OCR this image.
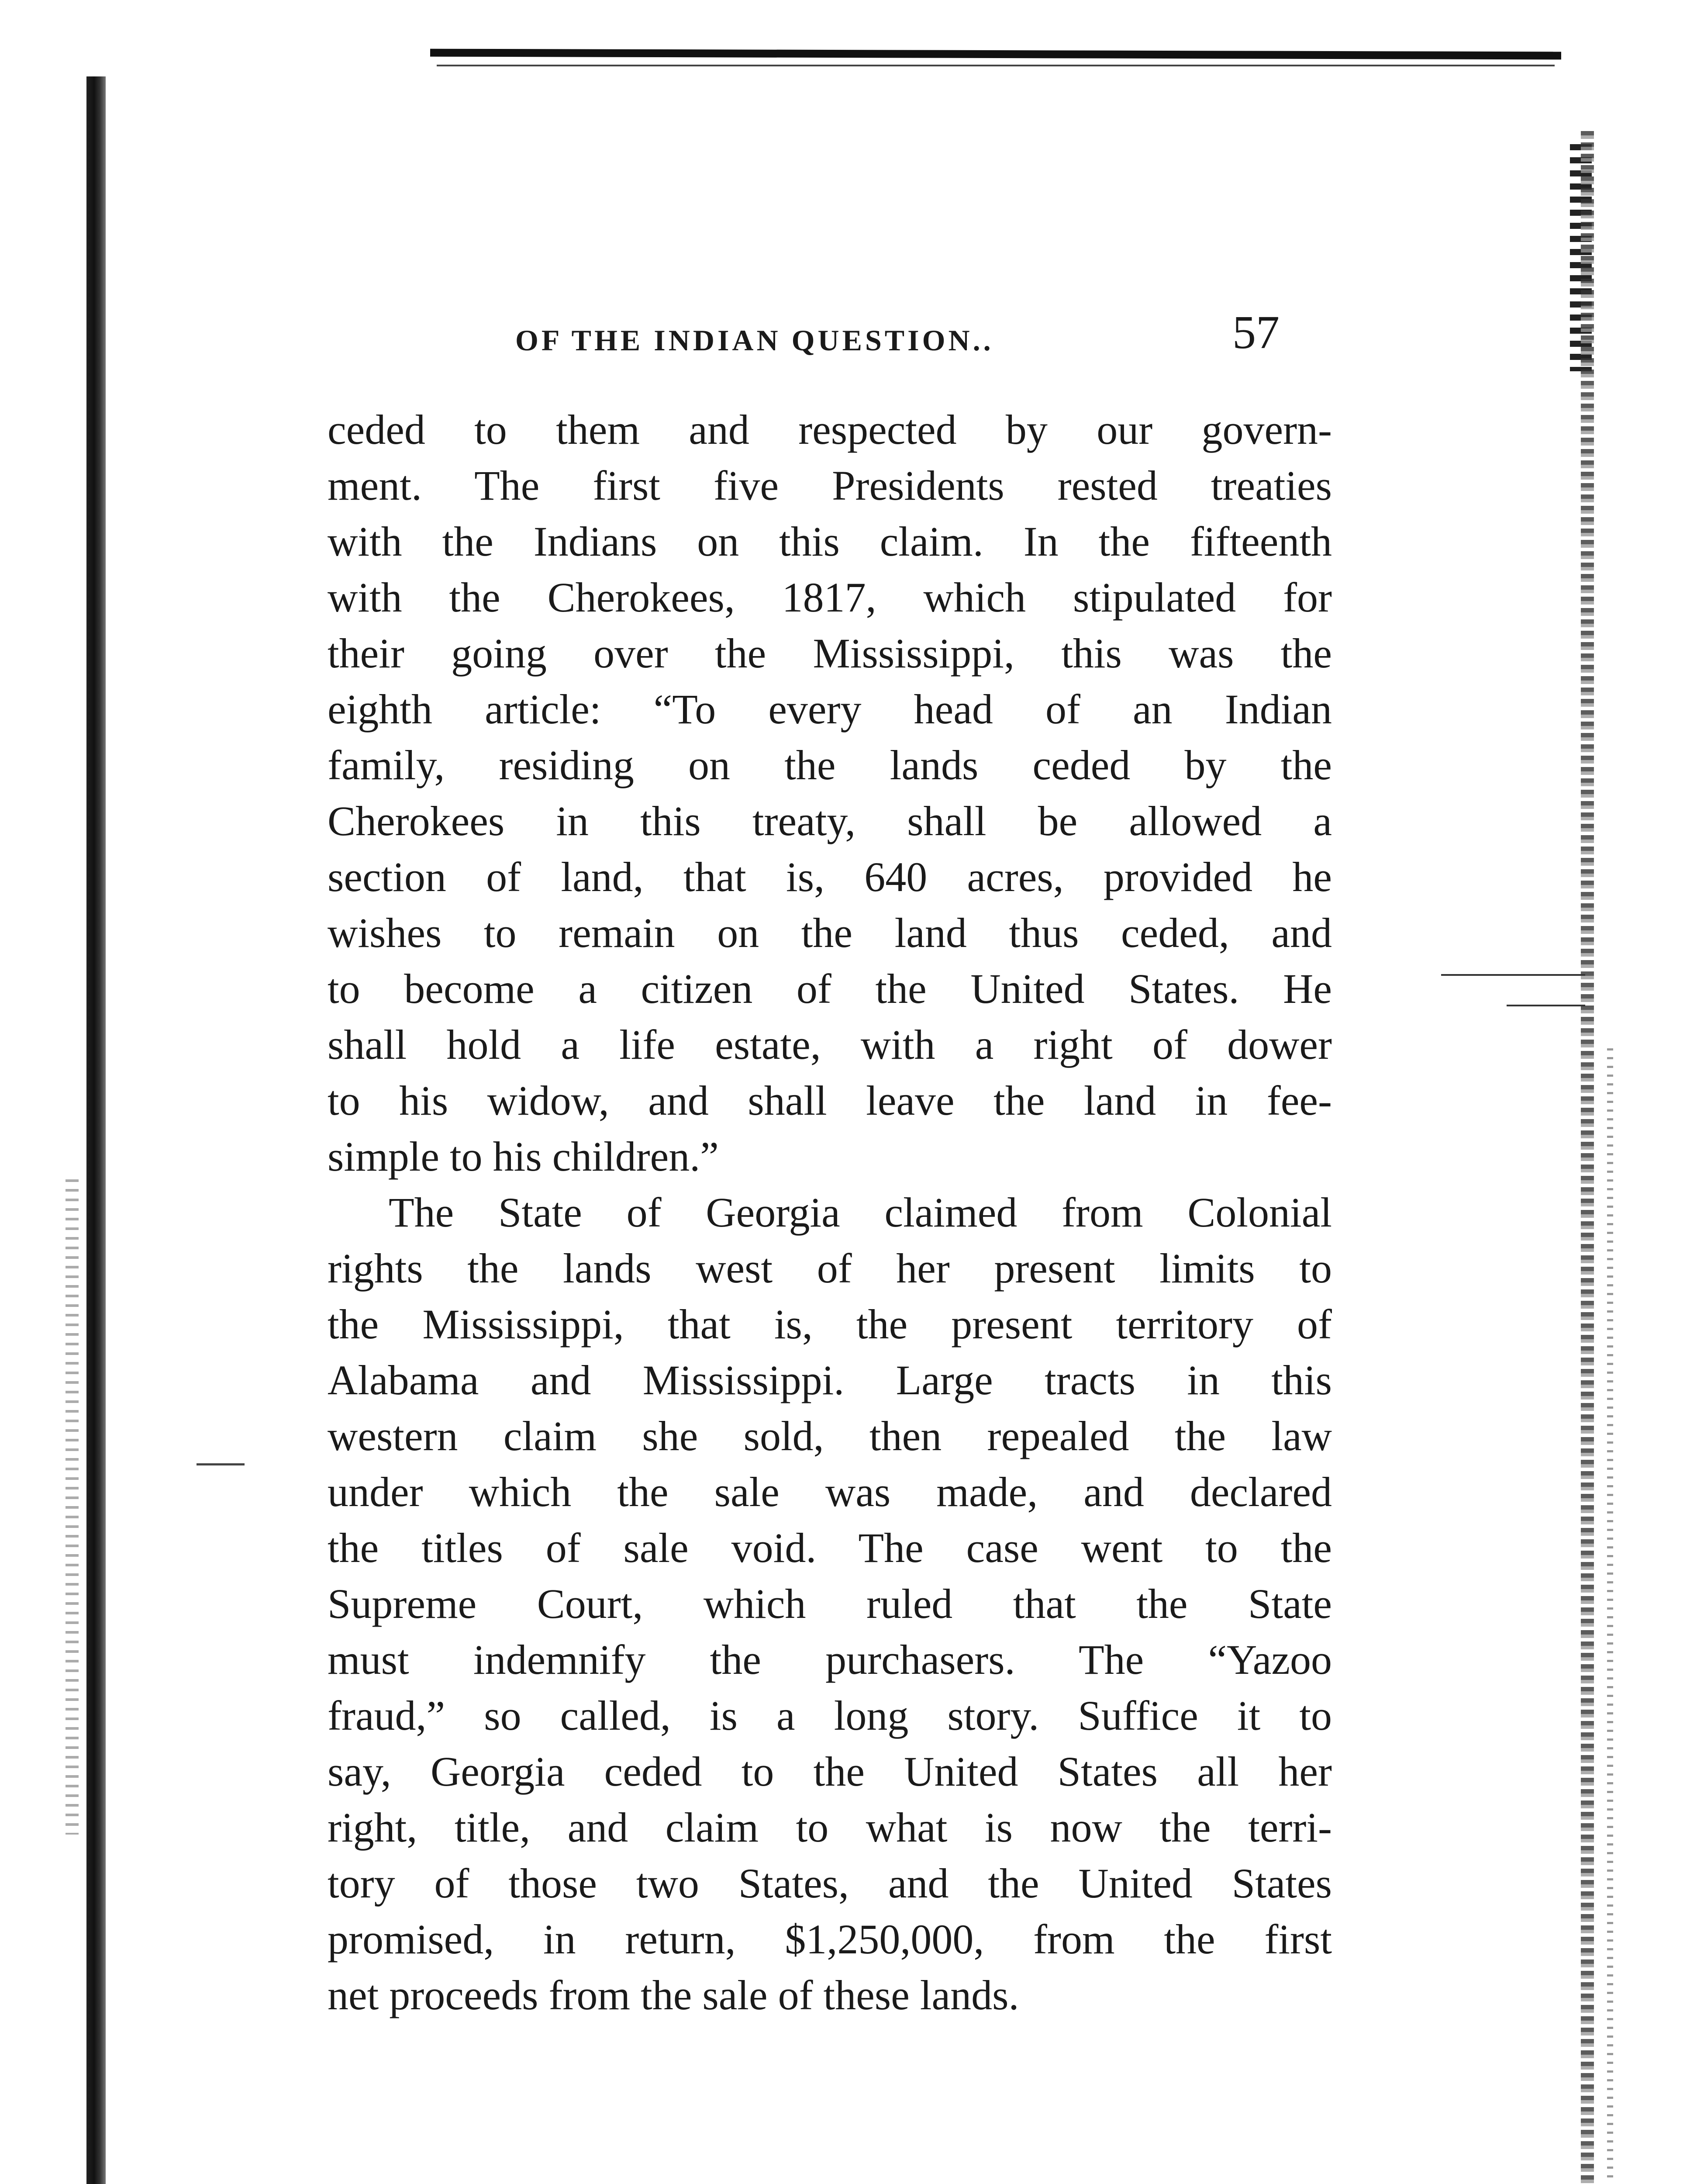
OF THE INDIAN QUESTION..	57
ceded to them and respected by our govern-
ment. The first five Presidents rested treaties
with the Indians on this claim. In the fifteenth
with the Cherokees, 1817, which stipulated for
their going over the Mississippi, this was the
eighth article: “To every head of an Indian
family, residing on the lands ceded by the
Cherokees in this treaty, shall be allowed a
section of land, that is, 640 acres, provided he
wishes to remain on the land thus ceded, and
to become a citizen of the United States. He
shall hold a life estate, with a right of dower
to his widow, and shall leave the land in fee-
simple to his children.”
The State of Georgia claimed from Colonial
rights the lands west of her present limits to
the Mississippi, that is, the present territory of
Alabama and Mississippi. Large tracts in this
western claim she sold, then repealed the law
under which the sale was made, and declared
the titles of sale void. The case went to the
Supreme Court, which ruled that the State
must indemnify the purchasers. The “Yazoo
fraud,” so called, is a long story. Suffice it to
say, Georgia ceded to the United States all her
right, title, and claim to what is now the terri-
tory of those two States, and the United States
promised, in return, $1,250,000, from the first
net proceeds from the sale of these lands.
